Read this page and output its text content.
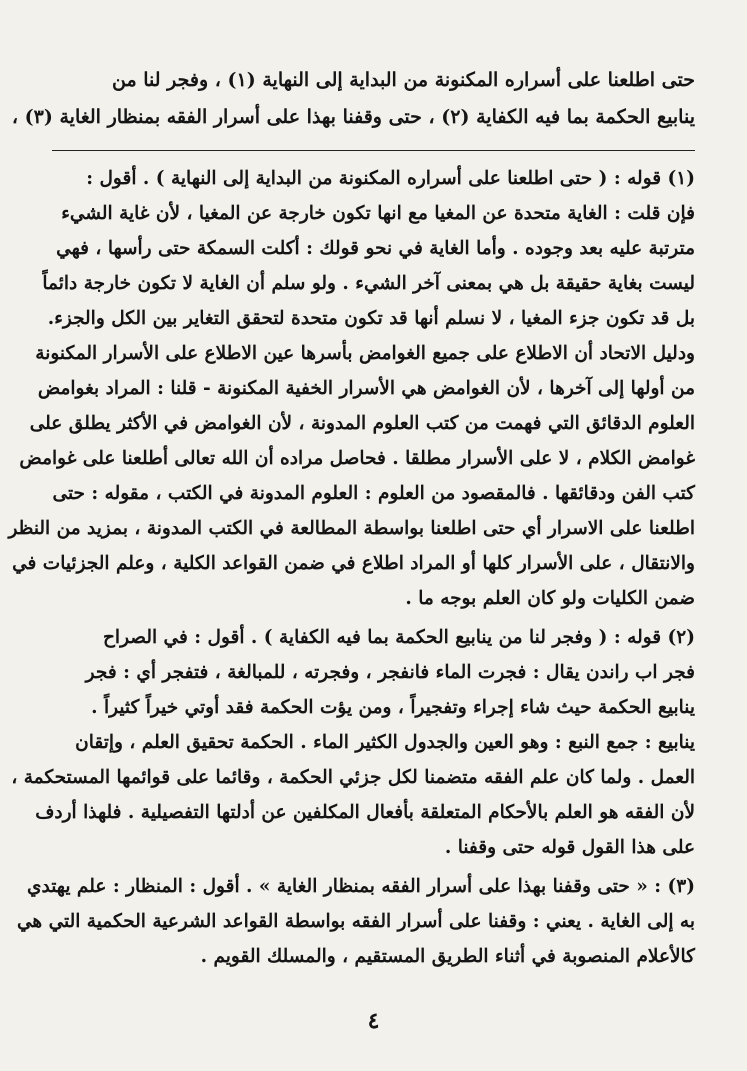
حتى اطلعنا على أسراره المكنونة من البداية إلى النهاية (١) ، وفجر لنا من
ينابيع الحكمة بما فيه الكفاية (٢) ، حتى وقفنا بهذا على أسرار الفقه بمنظار الغاية (٣) ،
(١) قوله : ( حتى اطلعنا على أسراره المكنونة من البداية إلى النهاية ) . أقول :
فإن قلت : الغاية متحدة عن المغيا مع انها تكون خارجة عن المغيا ، لأن غاية الشيء
مترتبة عليه بعد وجوده . وأما الغاية في نحو قولك : أكلت السمكة حتى رأسها ، فهي
ليست بغاية حقيقة بل هي بمعنى آخر الشيء . ولو سلم أن الغاية لا تكون خارجة دائماً
بل قد تكون جزء المغيا ، لا نسلم أنها قد تكون متحدة لتحقق التغاير بين الكل والجزء.
ودليل الاتحاد أن الاطلاع على جميع الغوامض بأسرها عين الاطلاع على الأسرار المكنونة
من أولها إلى آخرها ، لأن الغوامض هي الأسرار الخفية المكنونة - قلنا : المراد بغوامض
العلوم الدقائق التي فهمت من كتب العلوم المدونة ، لأن الغوامض في الأكثر يطلق على
غوامض الكلام ، لا على الأسرار مطلقا . فحاصل مراده أن الله تعالى أطلعنا على غوامض
كتب الفن ودقائقها . فالمقصود من العلوم : العلوم المدونة في الكتب ، مقوله : حتى
اطلعنا على الاسرار أي حتى اطلعنا بواسطة المطالعة في الكتب المدونة ، بمزيد من النظر
والانتقال ، على الأسرار كلها أو المراد اطلاع في ضمن القواعد الكلية ، وعلم الجزئيات في
ضمن الكليات ولو كان العلم بوجه ما .
(٢) قوله : ( وفجر لنا من ينابيع الحكمة بما فيه الكفاية ) . أقول : في الصراح
فجر اب راندن يقال : فجرت الماء فانفجر ، وفجرته ، للمبالغة ، فتفجر أي : فجر
ينابيع الحكمة حيث شاء إجراء وتفجيراً ، ومن يؤت الحكمة فقد أوتي خيراً كثيراً .
ينابيع : جمع النبع : وهو العين والجدول الكثير الماء . الحكمة تحقيق العلم ، وإتقان
العمل . ولما كان علم الفقه متضمنا لكل جزئي الحكمة ، وقائما على قوائمها المستحكمة ،
لأن الفقه هو العلم بالأحكام المتعلقة بأفعال المكلفين عن أدلتها التفصيلية . فلهذا أردف
على هذا القول قوله حتى وقفنا .
(٣) : « حتى وقفنا بهذا على أسرار الفقه بمنظار الغاية » . أقول : المنظار : علم يهتدي
به إلى الغاية . يعني : وقفنا على أسرار الفقه بواسطة القواعد الشرعية الحكمية التي هي
كالأعلام المنصوبة في أثناء الطريق المستقيم ، والمسلك القويم .
٤
